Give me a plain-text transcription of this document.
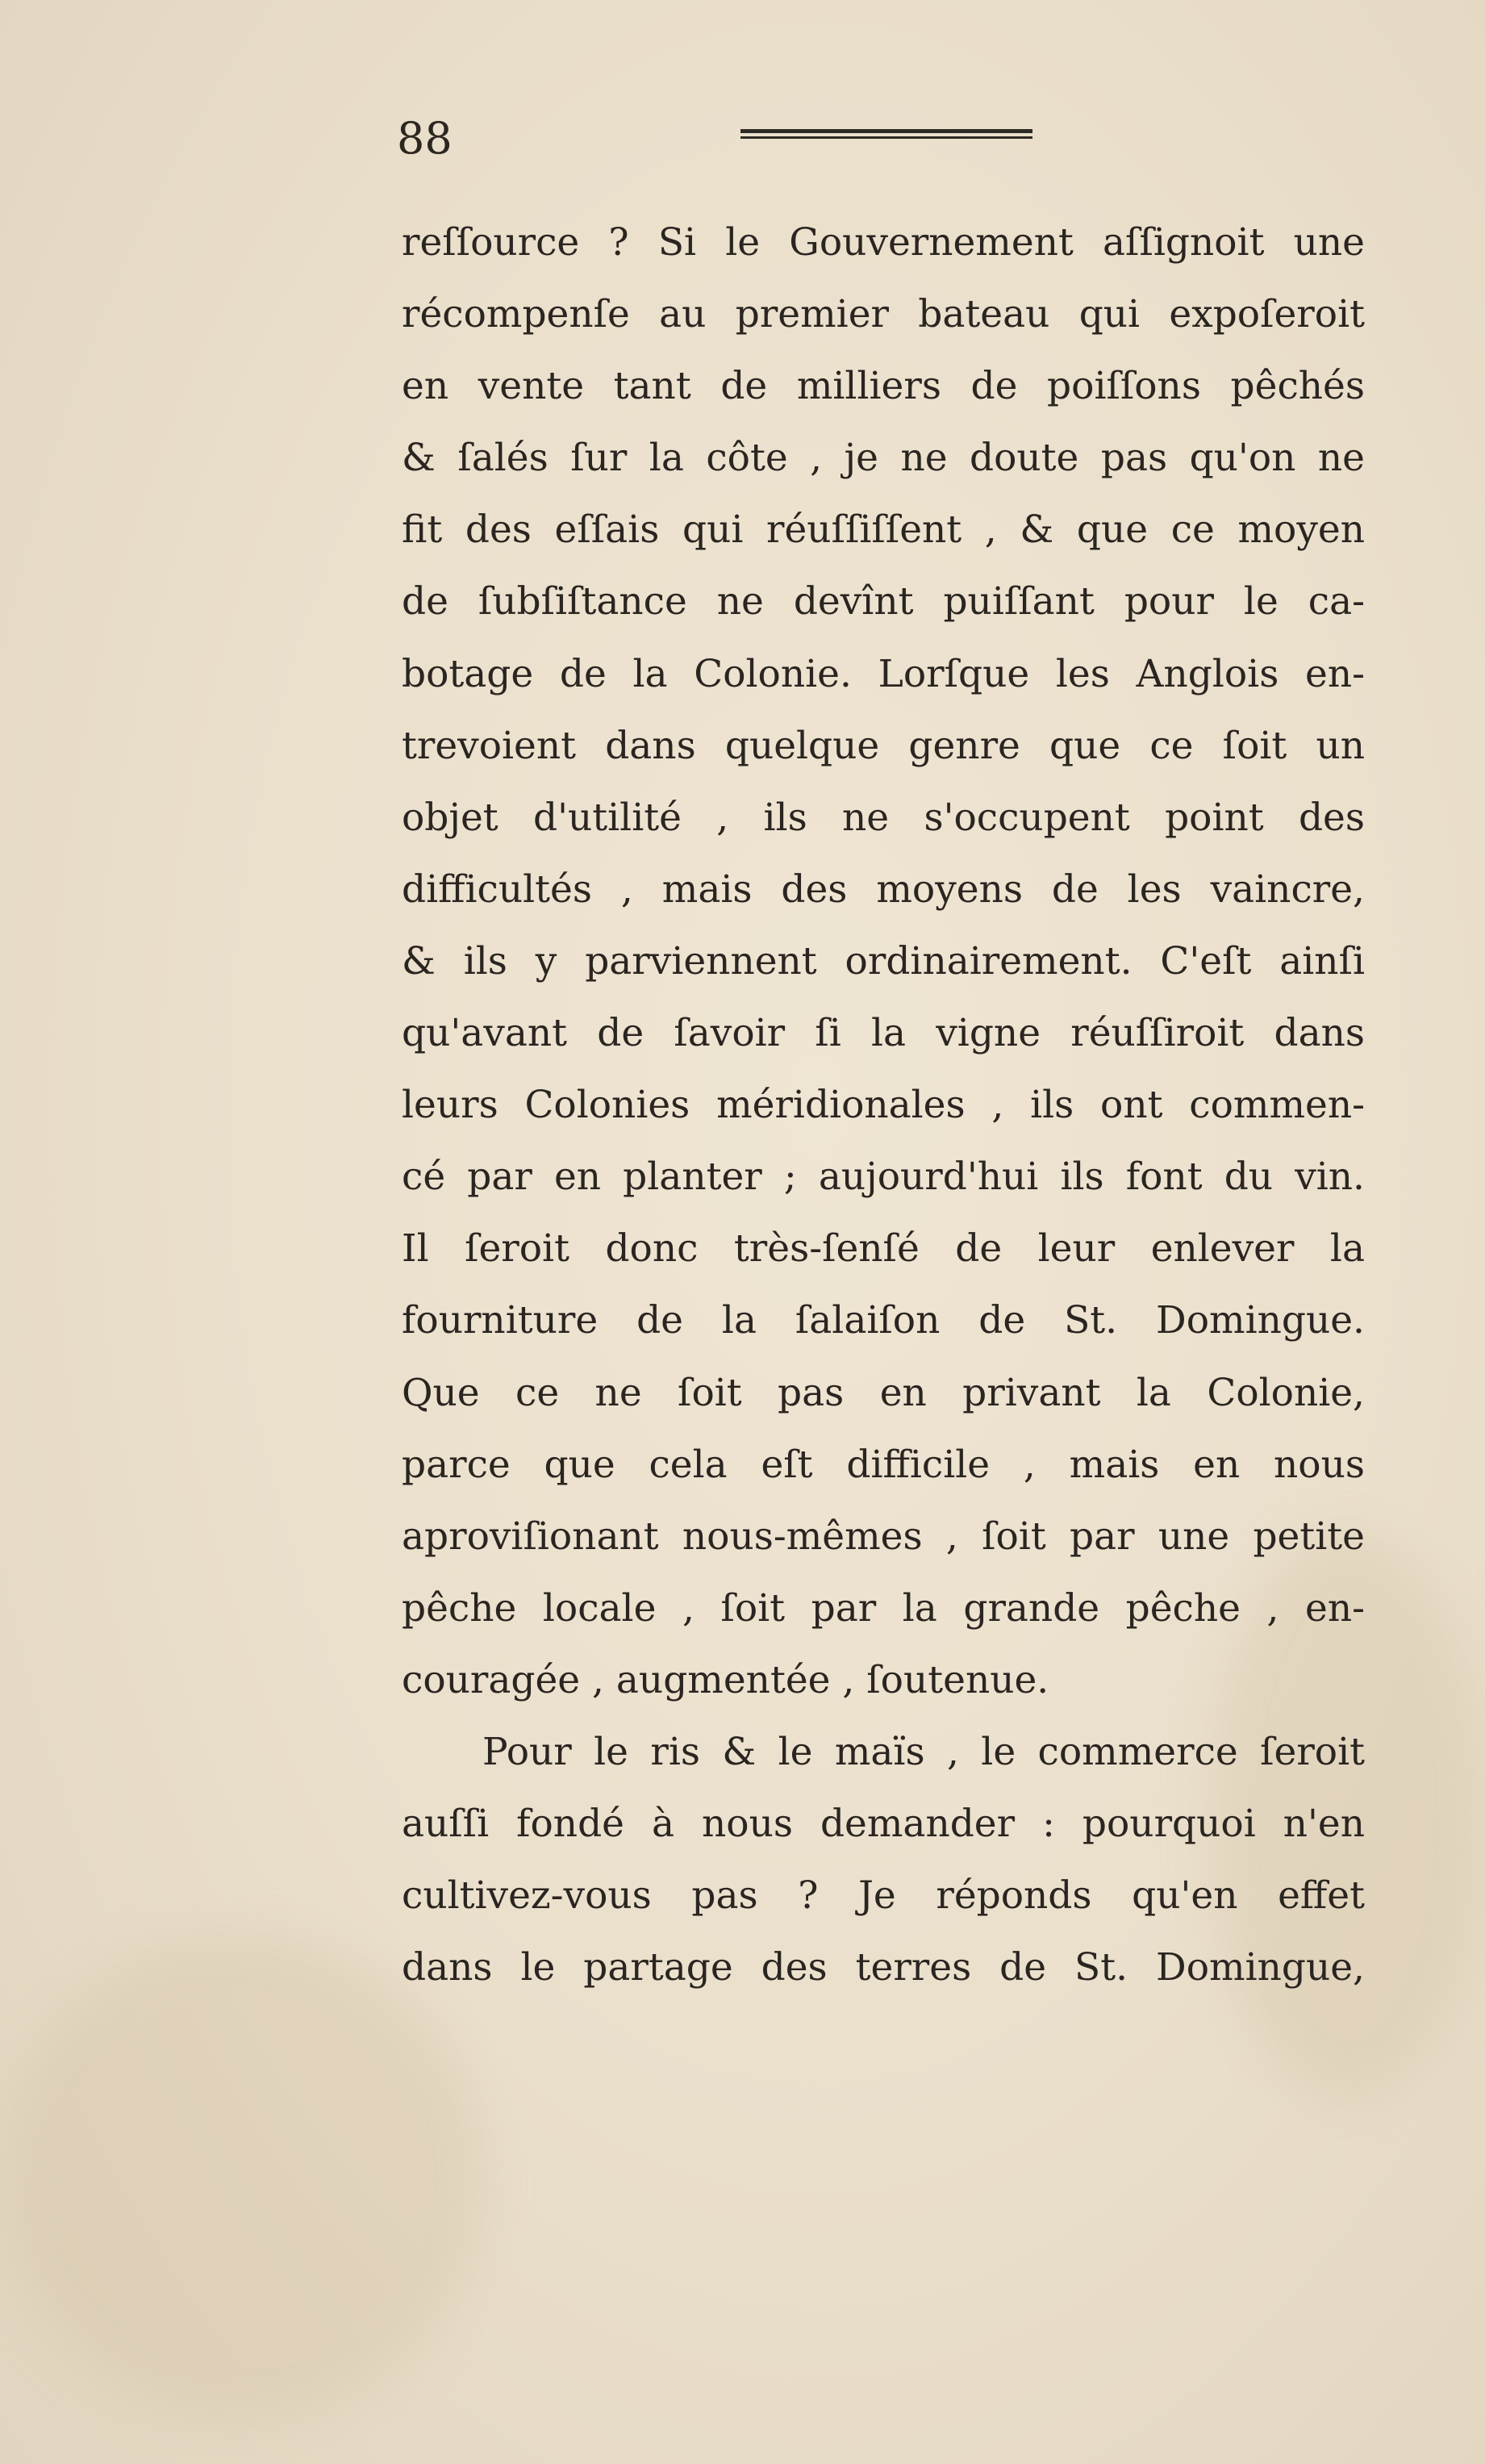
88
reſſource ? Si le Gouvernement aſſignoit une
récompenſe au premier bateau qui expoſeroit
en vente tant de milliers de poiſſons pêchés
& ſalés ſur la côte , je ne doute pas qu'on ne
fit des eſſais qui réuſſiſſent , & que ce moyen
de ſubſiſtance ne devînt puiſſant pour le ca-
botage de la Colonie. Lorſque les Anglois en-
trevoient dans quelque genre que ce ſoit un
objet d'utilité , ils ne s'occupent point des
difficultés , mais des moyens de les vaincre,
& ils y parviennent ordinairement. C'eſt ainſi
qu'avant de ſavoir ſi la vigne réuſſiroit dans
leurs Colonies méridionales , ils ont commen-
cé par en planter ; aujourd'hui ils font du vin.
Il ſeroit donc très-ſenſé de leur enlever la
fourniture de la ſalaiſon de St. Domingue.
Que ce ne ſoit pas en privant la Colonie,
parce que cela eſt difficile , mais en nous
aproviſionant nous-mêmes , ſoit par une petite
pêche locale , ſoit par la grande pêche , en-
couragée , augmentée , ſoutenue.
Pour le ris & le maïs , le commerce ſeroit
auſſi fondé à nous demander : pourquoi n'en
cultivez-vous pas ? Je réponds qu'en effet
dans le partage des terres de St. Domingue,
